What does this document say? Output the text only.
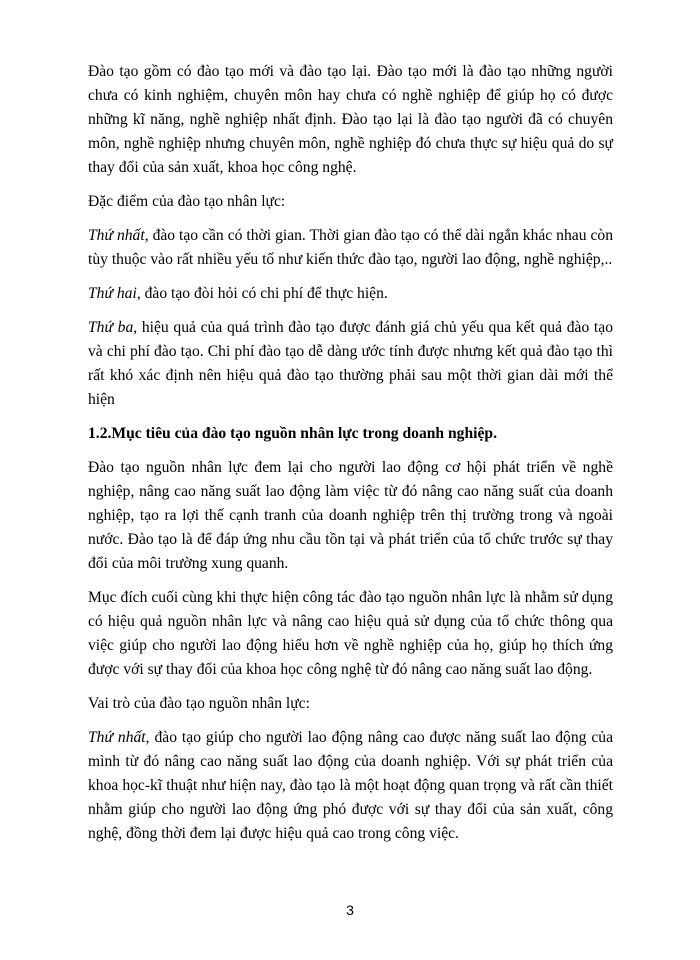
Đào tạo gồm có đào tạo mới và đào tạo lại. Đào tạo mới là đào tạo những người chưa có kinh nghiệm, chuyên môn hay chưa có nghề nghiệp để giúp họ có được những kĩ năng, nghề nghiệp nhất định. Đào tạo lại là đào tạo người đã có chuyên môn, nghề nghiệp nhưng chuyên môn, nghề nghiệp đó chưa thực sự hiệu quả do sự thay đổi của sản xuất, khoa học công nghệ.

Đặc điểm của đào tạo nhân lực:

Thứ nhất, đào tạo cần có thời gian. Thời gian đào tạo có thể dài ngắn khác nhau còn tùy thuộc vào rất nhiều yếu tố như kiến thức đào tạo, người lao động, nghề nghiệp,..

Thứ hai, đào tạo đòi hỏi có chi phí để thực hiện.

Thứ ba, hiệu quả của quá trình đào tạo được đánh giá chủ yếu qua kết quả đào tạo và chi phí đào tạo. Chi phí đào tạo dễ dàng ước tính được nhưng kết quả đào tạo thì rất khó xác định nên hiệu quả đào tạo thường phải sau một thời gian dài mới thể hiện

1.2.Mục tiêu của đào tạo nguồn nhân lực trong doanh nghiệp.

Đào tạo nguồn nhân lực đem lại cho người lao động cơ hội phát triển về nghề nghiệp, nâng cao năng suất lao động làm việc từ đó nâng cao năng suất của doanh nghiệp, tạo ra lợi thế cạnh tranh của doanh nghiệp trên thị trường trong và ngoài nước. Đào tạo là để đáp ứng nhu cầu tồn tại và phát triển của tổ chức trước sự thay đổi của môi trường xung quanh.

Mục đích cuối cùng khi thực hiện công tác đào tạo nguồn nhân lực là nhằm sử dụng có hiệu quả nguồn nhân lực và nâng cao hiệu quả sử dụng của tổ chức thông qua việc giúp cho người lao động hiểu hơn về nghề nghiệp của họ, giúp họ thích ứng được với sự thay đổi của khoa học công nghệ từ đó nâng cao năng suất lao động.

Vai trò của đào tạo nguồn nhân lực:

Thứ nhất, đào tạo giúp cho người lao động nâng cao được năng suất lao động của mình từ đó nâng cao năng suất lao động của doanh nghiệp. Với sự phát triển của khoa học-kĩ thuật như hiện nay, đào tạo là một hoạt động quan trọng và rất cần thiết nhằm giúp cho người lao động ứng phó được với sự thay đổi của sản xuất, công nghệ, đồng thời đem lại được hiệu quả cao trong công việc.

3
